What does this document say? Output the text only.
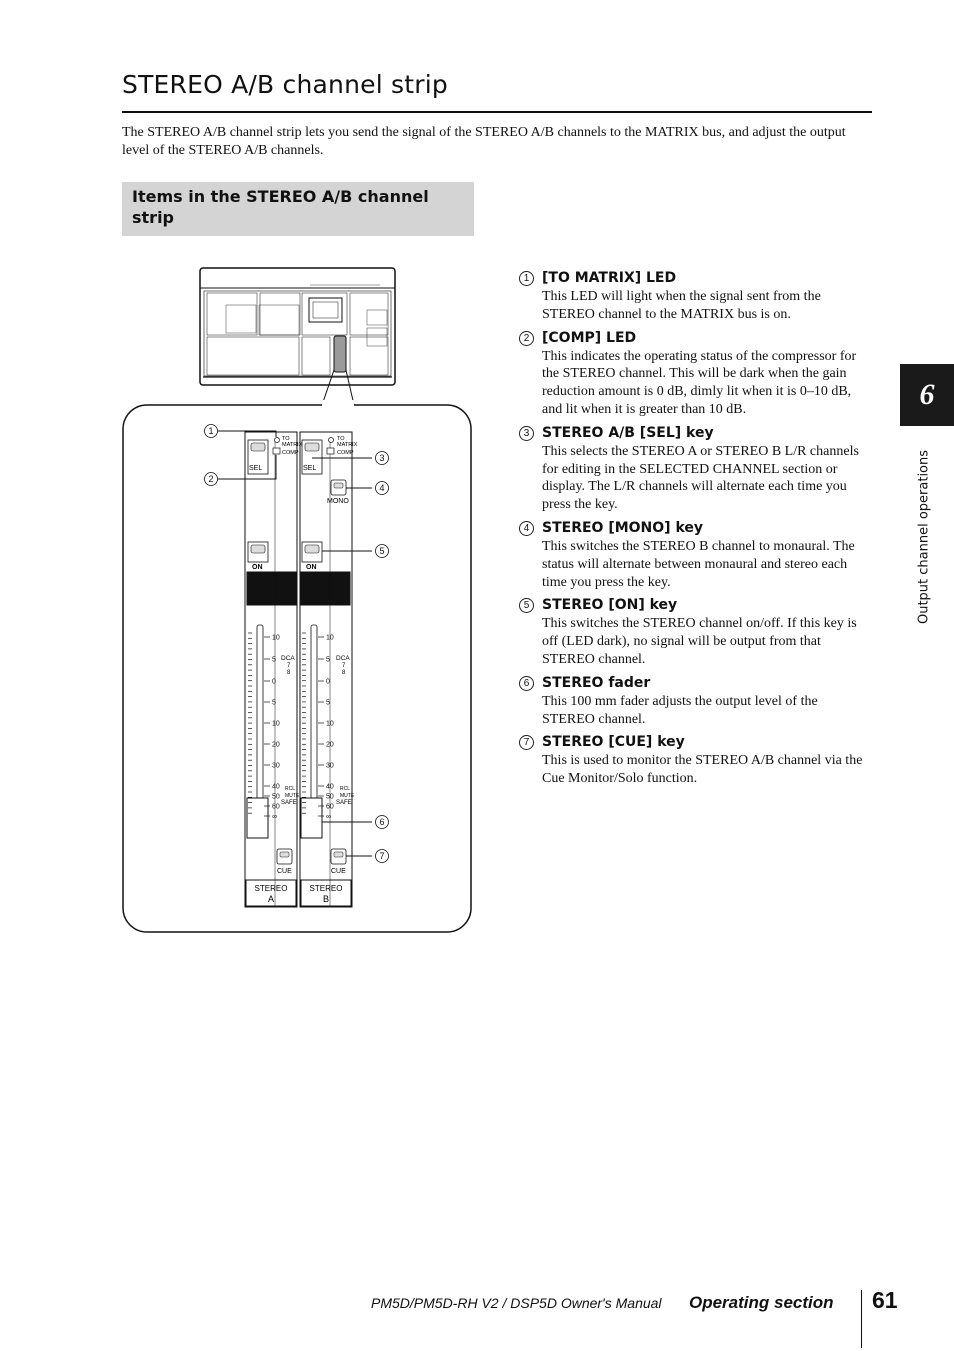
STEREO A/B channel strip
The STEREO A/B channel strip lets you send the signal of the STEREO A/B channels to the MATRIX bus, and adjust the output level of the STEREO A/B channels.
Items in the STEREO A/B channel strip
10
5
0
5
10
20
30
40
50
60
∞
10
5
0
5
10
20
30
40
50
60
∞
TO
MATRIX
COMP
TO
MATRIX
COMP
SEL	SEL
MONO
ON	ON
DCA
7
8
DCA
7
8
RCL
MUTE
SAFE
RCL
MUTE
SAFE
CUE	CUE
STEREO
A
STEREO
B
1
2
3
4
5
6
7
1 [TO MATRIX] LED
This LED will light when the signal sent from the STEREO channel to the MATRIX bus is on.
2 [COMP] LED
This indicates the operating status of the compressor for the STEREO channel. This will be dark when the gain reduction amount is 0 dB, dimly lit when it is 0–10 dB, and lit when it is greater than 10 dB.
3 STEREO A/B [SEL] key
This selects the STEREO A or STEREO B L/R channels for editing in the SELECTED CHANNEL section or display. The L/R channels will alternate each time you press the key.
4 STEREO [MONO] key
This switches the STEREO B channel to monaural. The status will alternate between monaural and stereo each time you press the key.
5 STEREO [ON] key
This switches the STEREO channel on/off. If this key is off (LED dark), no signal will be output from that STEREO channel.
6 STEREO fader
This 100 mm fader adjusts the output level of the STEREO channel.
7 STEREO [CUE] key
This is used to monitor the STEREO A/B channel via the Cue Monitor/Solo function.
6
Output channel operations
PM5D/PM5D-RH V2 / DSP5D Owner's Manual Operating section 61
